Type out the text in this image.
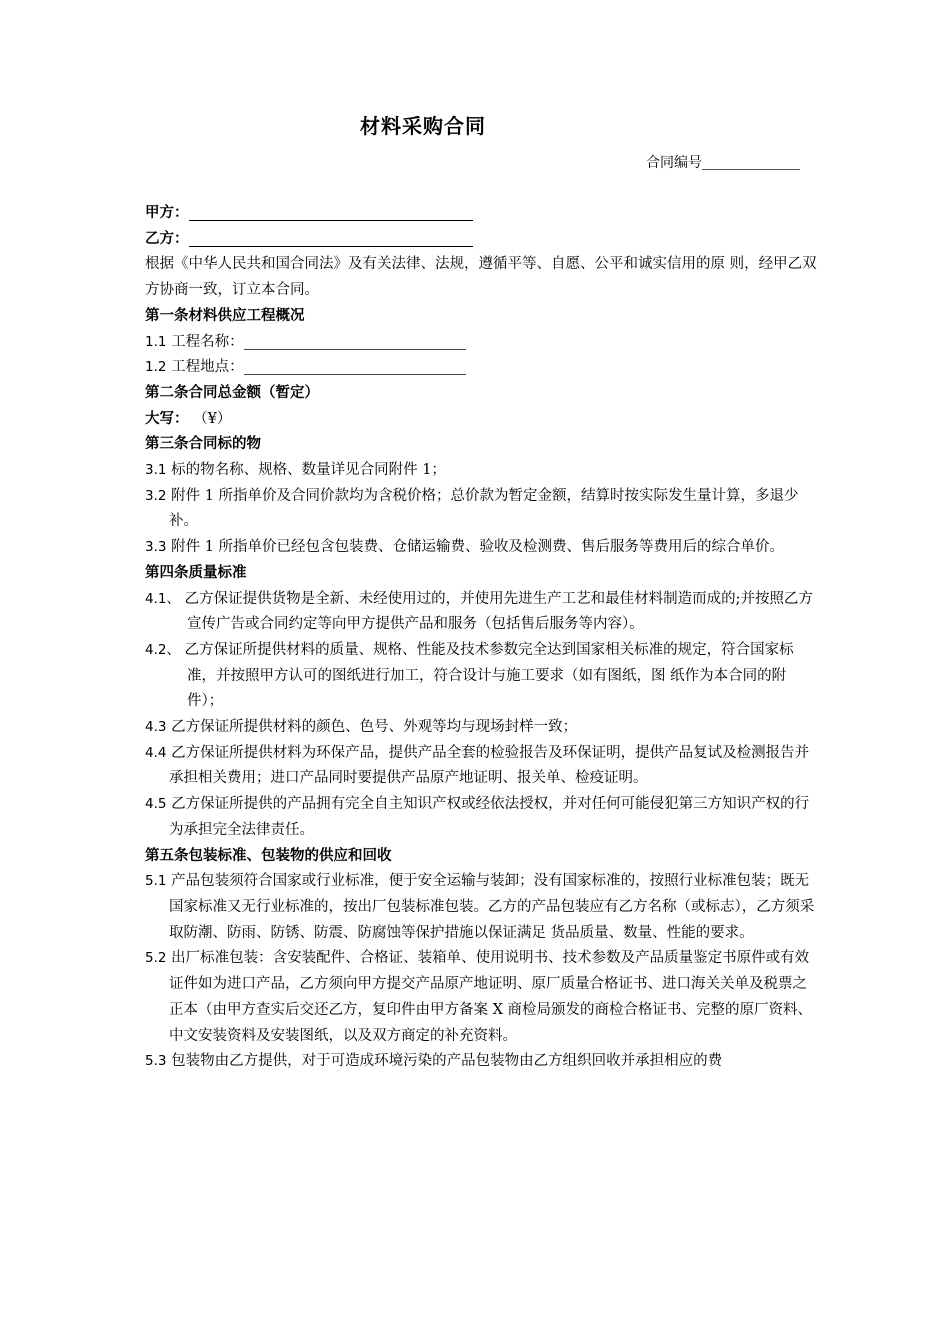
材料采购合同
合同编号
甲方：
乙方：
根据《中华人民共和国合同法》及有关法律、法规，遵循平等、自愿、公平和诚实信用的原 则，经甲乙双方协商一致，订立本合同。
第一条材料供应工程概况
1.1 工程名称：
1.2 工程地点：
第二条合同总金额（暂定）
大写： （¥）
第三条合同标的物
3.1 标的物名称、规格、数量详见合同附件 1；
3.2 附件 1 所指单价及合同价款均为含税价格；总价款为暂定金额，结算时按实际发生量计算，多退少补。
3.3 附件 1 所指单价已经包含包装费、仓储运输费、验收及检测费、售后服务等费用后的综合单价。
第四条质量标准
4.1、 乙方保证提供货物是全新、未经使用过的，并使用先进生产工艺和最佳材料制造而成的;并按照乙方宣传广告或合同约定等向甲方提供产品和服务（包括售后服务等内容）。
4.2、 乙方保证所提供材料的质量、规格、性能及技术参数完全达到国家相关标准的规定，符合国家标准，并按照甲方认可的图纸进行加工，符合设计与施工要求（如有图纸，图 纸作为本合同的附件）；
4.3 乙方保证所提供材料的颜色、色号、外观等均与现场封样一致；
4.4 乙方保证所提供材料为环保产品，提供产品全套的检验报告及环保证明，提供产品复试及检测报告并承担相关费用；进口产品同时要提供产品原产地证明、报关单、检疫证明。
4.5 乙方保证所提供的产品拥有完全自主知识产权或经依法授权，并对任何可能侵犯第三方知识产权的行为承担完全法律责任。
第五条包装标准、包装物的供应和回收
5.1 产品包装须符合国家或行业标准，便于安全运输与装卸；没有国家标准的，按照行业标准包装；既无国家标准又无行业标准的，按出厂包装标准包装。乙方的产品包装应有乙方名称（或标志），乙方须采取防潮、防雨、防锈、防震、防腐蚀等保护措施以保证满足 货品质量、数量、性能的要求。
5.2 出厂标准包装：含安装配件、合格证、装箱单、使用说明书、技术参数及产品质量鉴定书原件或有效证件如为进口产品，乙方须向甲方提交产品原产地证明、原厂质量合格证书、进口海关关单及税票之正本（由甲方查实后交还乙方，复印件由甲方备案 X 商检局颁发的商检合格证书、完整的原厂资料、中文安装资料及安装图纸，以及双方商定的补充资料。
5.3 包装物由乙方提供，对于可造成环境污染的产品包装物由乙方组织回收并承担相应的费
